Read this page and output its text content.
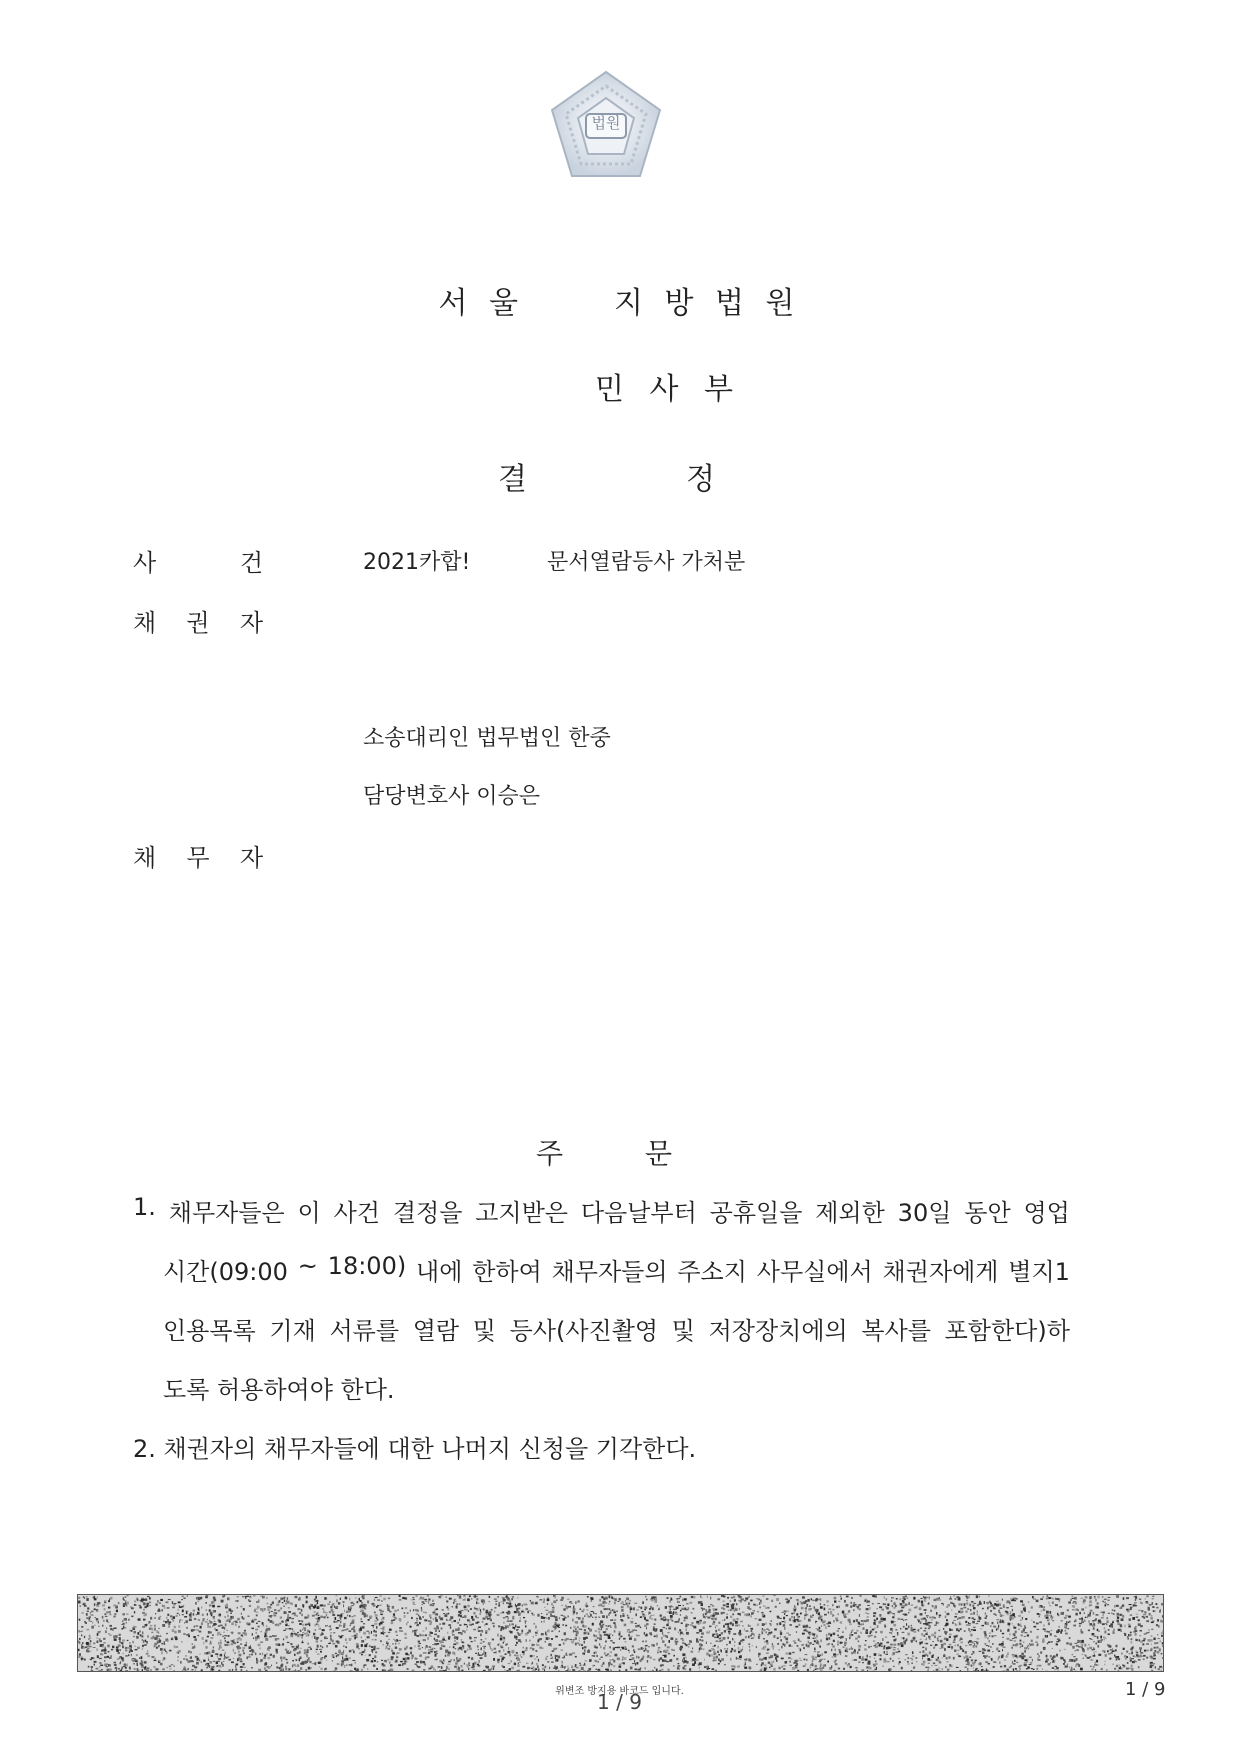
법원
서 울	지 방 법 원
민 사 부
결	정
사	건	2021카합!	문서열람등사 가처분
채 권 자
소송대리인 법무법인 한중
담당변호사 이승은
채 무 자
주	문
1. 채무자들은 이 사건 결정을 고지받은 다음날부터 공휴일을 제외한 30일 동안 영업
시간(09:00 ~ 18:00) 내에 한하여 채무자들의 주소지 사무실에서 채권자에게 별지1
인용목록 기재 서류를 열람 및 등사(사진촬영 및 저장장치에의 복사를 포함한다)하
도록 허용하여야 한다.
2. 채권자의 채무자들에 대한 나머지 신청을 기각한다.
위변조 방지용 바코드 입니다.
1 / 9
1 / 9
